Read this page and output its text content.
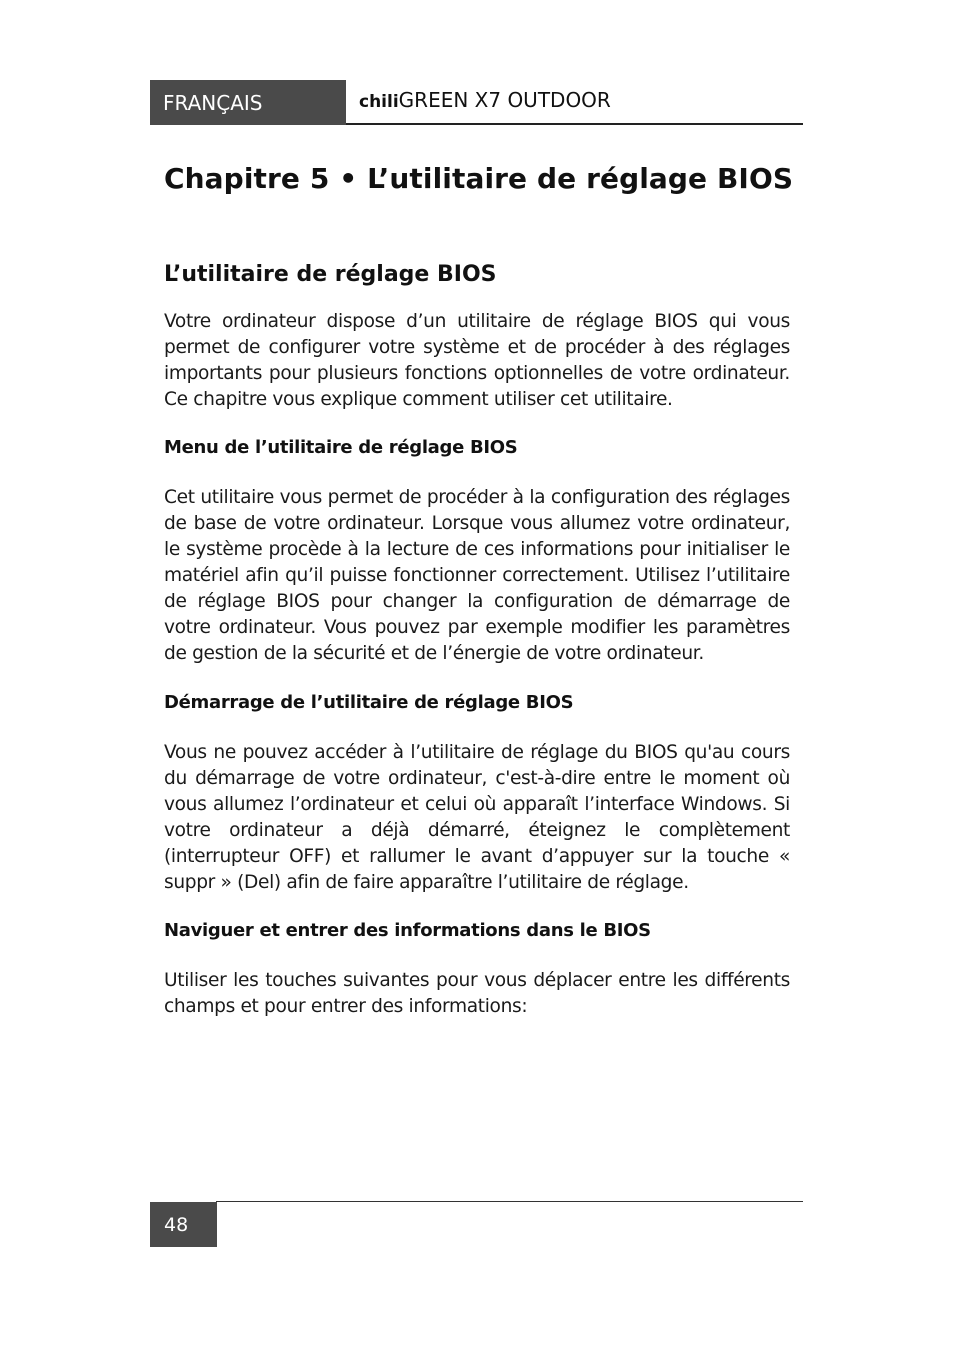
FRANÇAIS	chiliGREEN X7 OUTDOOR
Chapitre 5 • L’utilitaire de réglage BIOS
L’utilitaire de réglage BIOS

Votre ordinateur dispose d’un utilitaire de réglage BIOS qui vous permet de configurer votre système et de procéder à des réglages importants pour plusieurs fonctions optionnelles de votre ordinateur. Ce chapitre vous explique comment utiliser cet utilitaire.

Menu de l’utilitaire de réglage BIOS

Cet utilitaire vous permet de procéder à la configuration des réglages de base de votre ordinateur. Lorsque vous allumez votre ordinateur, le système procède à la lecture de ces informations pour initialiser le matériel afin qu’il puisse fonctionner correctement. Utilisez l’utilitaire de réglage BIOS pour changer la configuration de démarrage de votre ordinateur. Vous pouvez par exemple modifier les paramètres de gestion de la sécurité et de l’énergie de votre ordinateur.

Démarrage de l’utilitaire de réglage BIOS

Vous ne pouvez accéder à l’utilitaire de réglage du BIOS qu'au cours du démarrage de votre ordinateur, c'est-à-dire entre le moment où vous allumez l’ordinateur et celui où apparaît l’interface Windows. Si votre ordinateur a déjà démarré, éteignez le complètement (interrupteur OFF) et rallumer le avant d’appuyer sur la touche « suppr » (Del) afin de faire apparaître l’utilitaire de réglage.

Naviguer et entrer des informations dans le BIOS

Utiliser les touches suivantes pour vous déplacer entre les différents champs et pour entrer des informations:

48
